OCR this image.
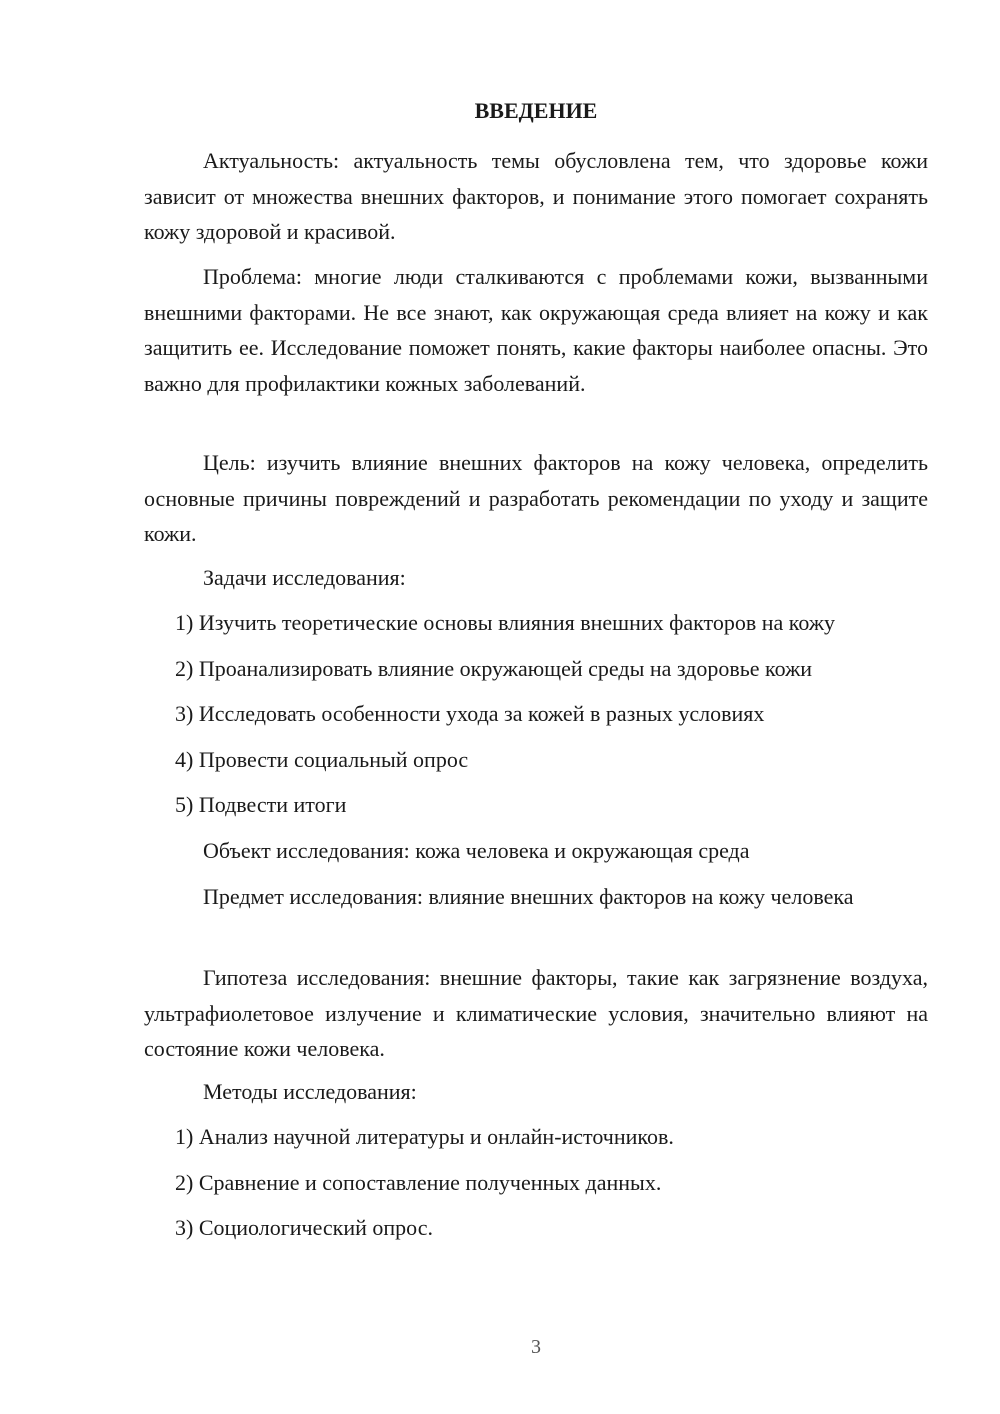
ВВЕДЕНИЕ

Актуальность: актуальность темы обусловлена тем, что здоровье кожи зависит от множества внешних факторов, и понимание этого помогает сохранять кожу здоровой и красивой.

Проблема: многие люди сталкиваются с проблемами кожи, вызванными внешними факторами. Не все знают, как окружающая среда влияет на кожу и как защитить ее. Исследование поможет понять, какие факторы наиболее опасны. Это важно для профилактики кожных заболеваний.

Цель: изучить влияние внешних факторов на кожу человека, определить основные причины повреждений и разработать рекомендации по уходу и защите кожи.

Задачи исследования:

1) Изучить теоретические основы влияния внешних факторов на кожу

2) Проанализировать влияние окружающей среды на здоровье кожи

3) Исследовать особенности ухода за кожей в разных условиях

4) Провести социальный опрос

5) Подвести итоги

Объект исследования: кожа человека и окружающая среда

Предмет исследования: влияние внешних факторов на кожу человека

Гипотеза исследования: внешние факторы, такие как загрязнение воздуха, ультрафиолетовое излучение и климатические условия, значительно влияют на состояние кожи человека.

Методы исследования:

1) Анализ научной литературы и онлайн-источников.

2) Сравнение и сопоставление полученных данных.

3) Социологический опрос.

3
